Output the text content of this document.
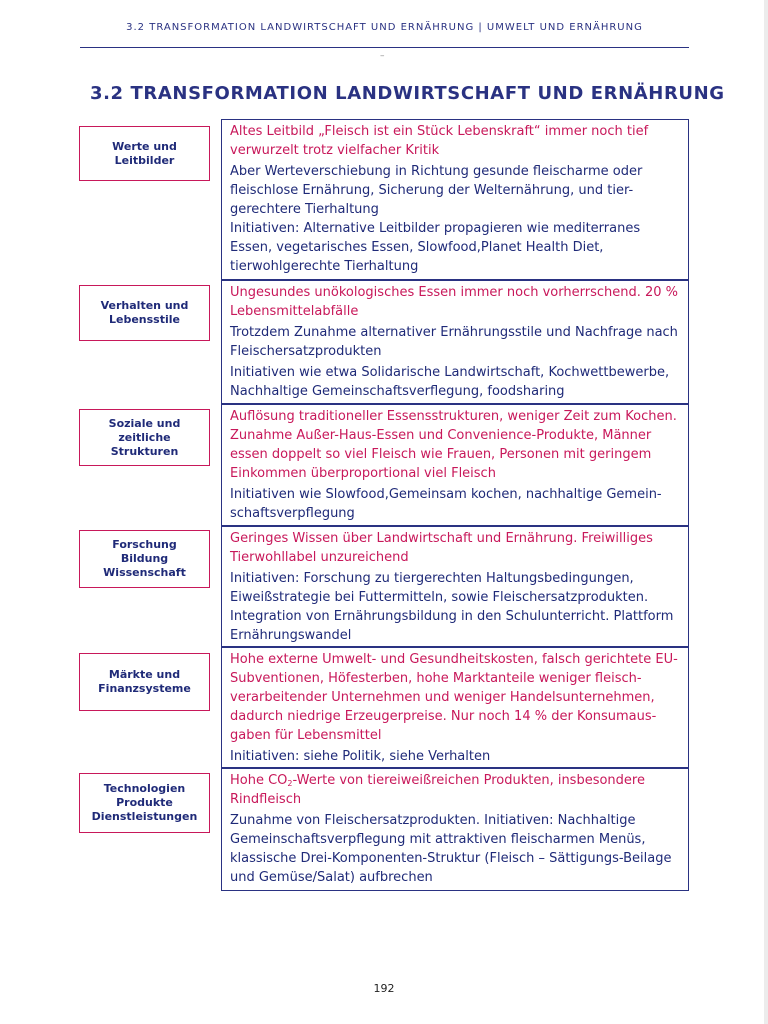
3.2 TRANSFORMATION LANDWIRTSCHAFT UND ERNÄHRUNG | UMWELT UND ERNÄHRUNG
–
3.2 TRANSFORMATION LANDWIRTSCHAFT UND ERNÄHRUNG
Werte und
Leitbilder

Altes Leitbild „Fleisch ist ein Stück Lebenskraft“ immer noch tief verwurzelt trotz vielfacher Kritik

Aber Werteverschiebung in Richtung gesunde fleischarme oder fleischlose Ernährung, Sicherung der Welternährung, und tier-gerechtere Tierhaltung

Initiativen: Alternative Leitbilder propagieren wie mediterranes Essen, vegetarisches Essen, Slowfood,Planet Health Diet, tierwohlgerechte Tierhaltung

Verhalten und
Lebensstile

Ungesundes unökologisches Essen immer noch vorherrschend. 20 % Lebensmittelabfälle

Trotzdem Zunahme alternativer Ernährungsstile und Nachfrage nach Fleischersatzprodukten

Initiativen wie etwa Solidarische Landwirtschaft, Kochwettbewerbe, Nachhaltige Gemeinschaftsverflegung, foodsharing

Soziale und
zeitliche Strukturen

Auflösung traditioneller Essensstrukturen, weniger Zeit zum Kochen. Zunahme Außer-Haus-Essen und Convenience-Produkte, Männer essen doppelt so viel Fleisch wie Frauen, Personen mit geringem Einkommen überproportional viel Fleisch

Initiativen wie Slowfood,Gemeinsam kochen, nachhaltige Gemein-schaftsverpflegung

Forschung
Bildung
Wissenschaft

Geringes Wissen über Landwirtschaft und Ernährung. Freiwilliges Tierwohllabel unzureichend

Initiativen: Forschung zu tiergerechten Haltungsbedingungen, Eiweißstrategie bei Futtermitteln, sowie Fleischersatzprodukten. Integration von Ernährungsbildung in den Schulunterricht. Plattform Ernährungswandel

Märkte und
Finanzsysteme

Hohe externe Umwelt- und Gesundheitskosten, falsch gerichtete EU-Subventionen, Höfesterben, hohe Marktanteile weniger fleisch-verarbeitender Unternehmen und weniger Handelsunternehmen, dadurch niedrige Erzeugerpreise. Nur noch 14 % der Konsumaus-gaben für Lebensmittel

Initiativen: siehe Politik, siehe Verhalten

Technologien
Produkte
Dienstleistungen

Hohe $CO_2$-Werte von tiereiweißreichen Produkten, insbesondere Rindfleisch

Zunahme von Fleischersatzprodukten. Initiativen: Nachhaltige Gemeinschaftsverpflegung mit attraktiven fleischarmen Menüs, klassische Drei-Komponenten-Struktur (Fleisch – Sättigungs-Beilage und Gemüse/Salat) aufbrechen

192
